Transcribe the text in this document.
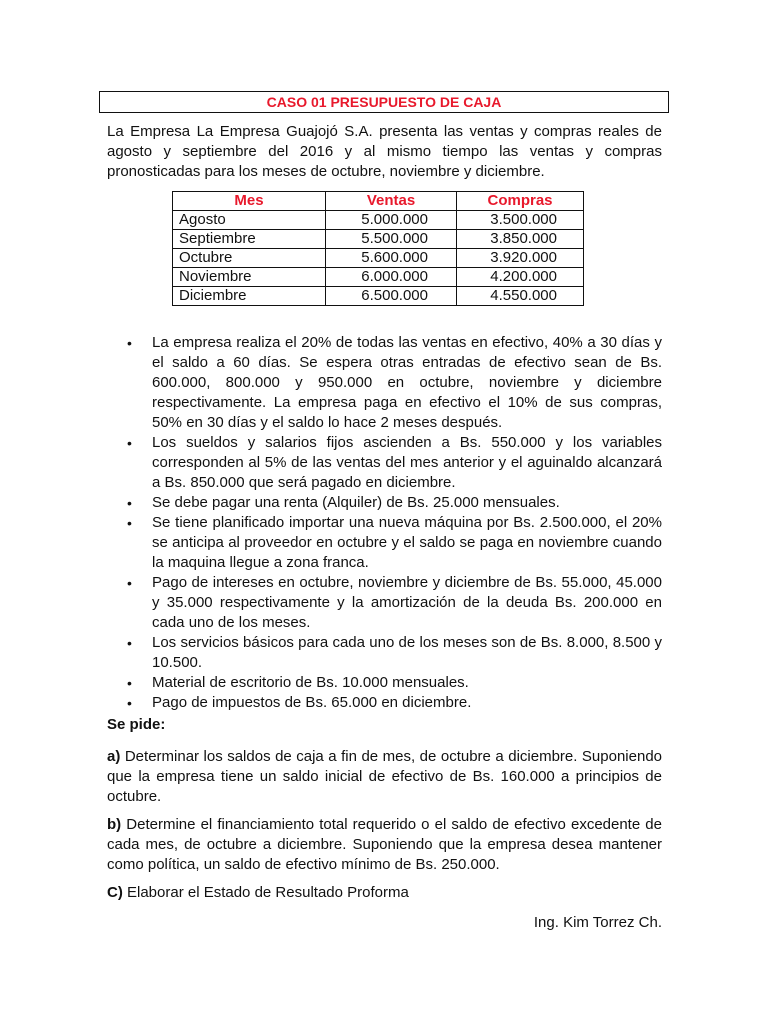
CASO 01 PRESUPUESTO DE CAJA

La Empresa La Empresa Guajojó S.A. presenta las ventas y compras reales de agosto y septiembre del 2016 y al mismo tiempo las ventas y compras pronosticadas para los meses de octubre, noviembre y diciembre.

Mes	Ventas	Compras
Agosto	5.000.000	3.500.000
Septiembre	5.500.000	3.850.000
Octubre	5.600.000	3.920.000
Noviembre	6.000.000	4.200.000
Diciembre	6.500.000	4.550.000
• La empresa realiza el 20% de todas las ventas en efectivo, 40% a 30 días y el saldo a 60 días. Se espera otras entradas de efectivo sean de Bs. 600.000, 800.000 y 950.000 en octubre, noviembre y diciembre respectivamente. La empresa paga en efectivo el 10% de sus compras, 50% en 30 días y el saldo lo hace 2 meses después.
• Los sueldos y salarios fijos ascienden a Bs. 550.000 y los variables corresponden al 5% de las ventas del mes anterior y el aguinaldo alcanzará a Bs. 850.000 que será pagado en diciembre.
• Se debe pagar una renta (Alquiler) de Bs. 25.000 mensuales.
• Se tiene planificado importar una nueva máquina por Bs. 2.500.000, el 20% se anticipa al proveedor en octubre y el saldo se paga en noviembre cuando la maquina llegue a zona franca.
• Pago de intereses en octubre, noviembre y diciembre de Bs. 55.000, 45.000 y 35.000 respectivamente y la amortización de la deuda Bs. 200.000 en cada uno de los meses.
• Los servicios básicos para cada uno de los meses son de Bs. 8.000, 8.500 y 10.500.
• Material de escritorio de Bs. 10.000 mensuales.
• Pago de impuestos de Bs. 65.000 en diciembre.

Se pide:

a) Determinar los saldos de caja a fin de mes, de octubre a diciembre. Suponiendo que la empresa tiene un saldo inicial de efectivo de Bs. 160.000 a principios de octubre.

b) Determine el financiamiento total requerido o el saldo de efectivo excedente de cada mes, de octubre a diciembre. Suponiendo que la empresa desea mantener como política, un saldo de efectivo mínimo de Bs. 250.000.

C) Elaborar el Estado de Resultado Proforma

Ing. Kim Torrez Ch.
